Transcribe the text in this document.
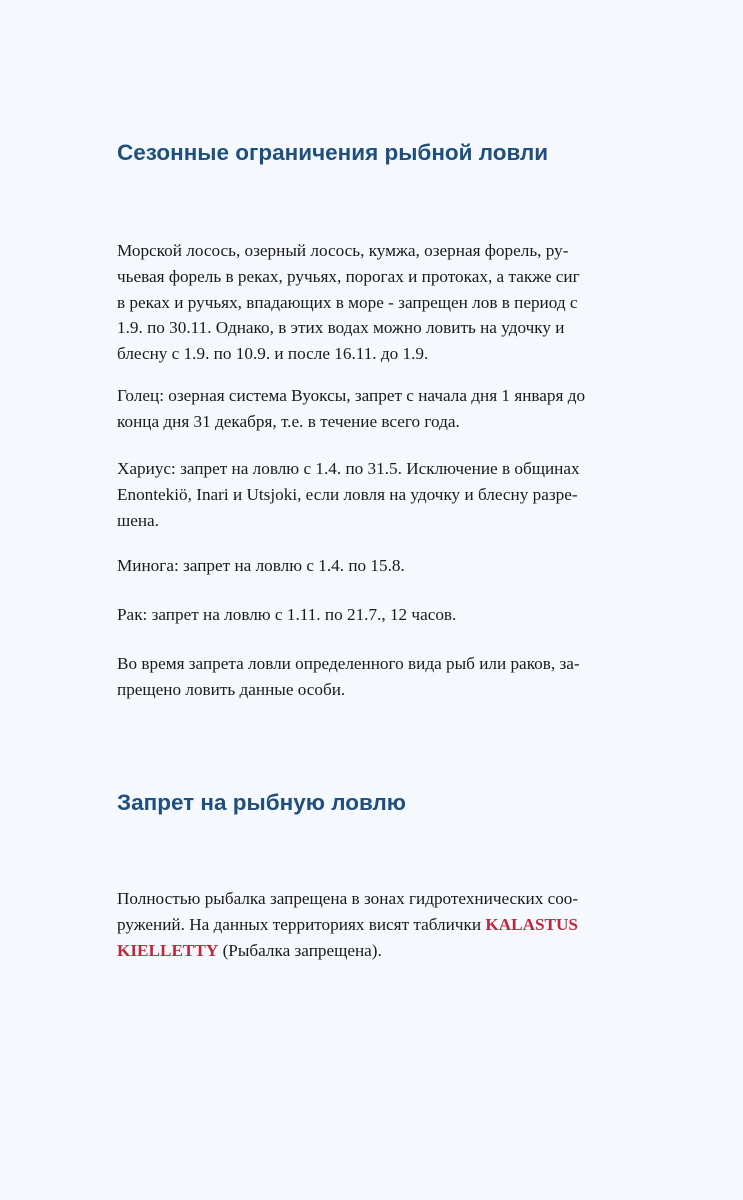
Сезонные ограничения рыбной ловли

Морской лосось, озерный лосось, кумжа, озерная форель, ру-
чьевая форель в реках, ручьях, порогах и протоках, а также сиг
в реках и ручьях, впадающих в море - запрещен лов в период с
1.9. по 30.11. Однако, в этих водах можно ловить на удочку и
блесну с 1.9. по 10.9. и после 16.11. до 1.9.

Голец: озерная система Вуоксы, запрет с начала дня 1 января до
конца дня 31 декабря, т.е. в течение всего года.

Хариус: запрет на ловлю с 1.4. по 31.5. Исключение в общинах
Enontekiö, Inari и Utsjoki, если ловля на удочку и блесну разре-
шена.

Минога: запрет на ловлю с 1.4. по 15.8.

Рак: запрет на ловлю с 1.11. по 21.7., 12 часов.

Во время запрета ловли определенного вида рыб или раков, за-
прещено ловить данные особи.

Запрет на рыбную ловлю

Полностью рыбалка запрещена в зонах гидротехнических соо-
ружений. На данных территориях висят таблички KALASTUS
KIELLETTY (Рыбалка запрещена).
